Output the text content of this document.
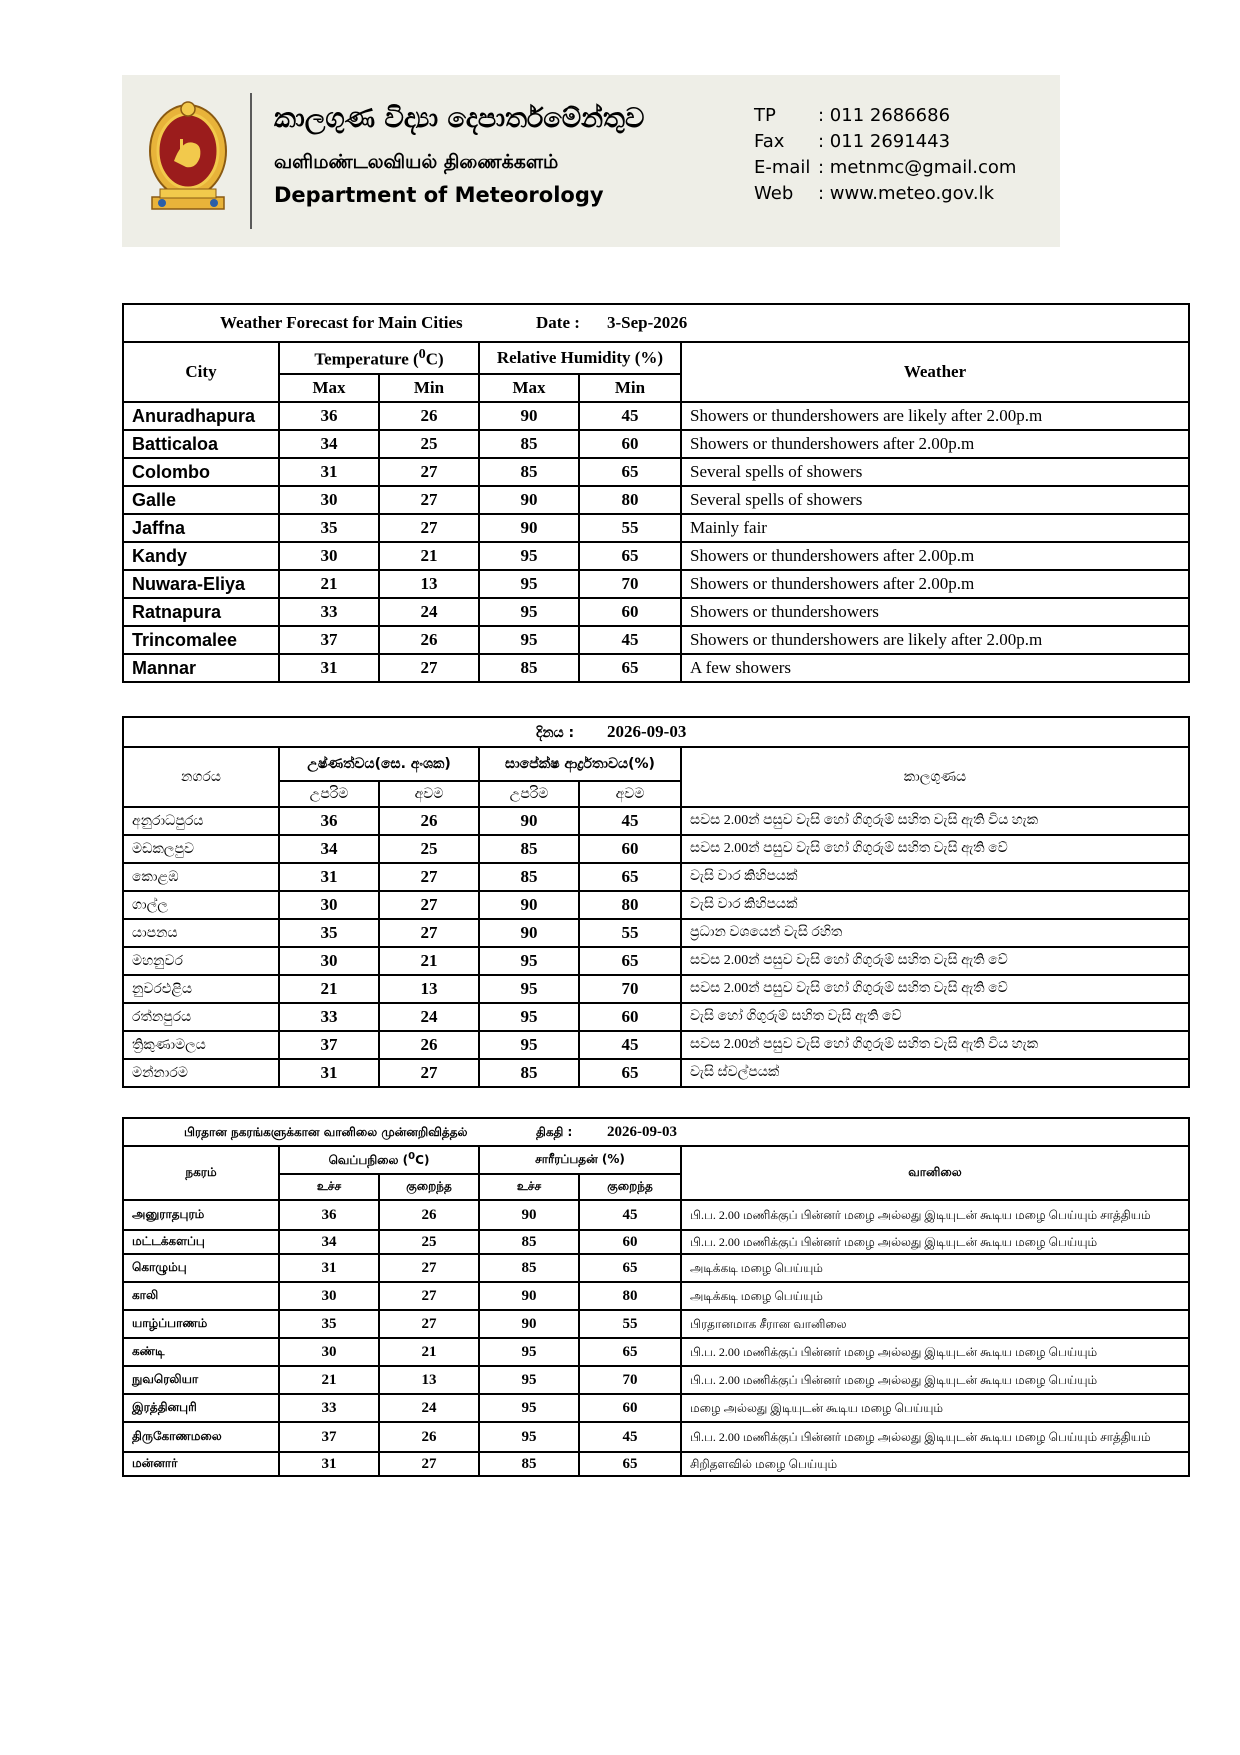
කාලගුණ විද්‍යා දෙපාර්තමේන්තුව
வளிமண்டலவியல் திணைக்களம்
Department of Meteorology
TP : 011 2686686
Fax : 011 2691443
E-mail : metnmc@gmail.com
Web : www.meteo.gov.lk
Weather Forecast for Main Cities Date : 3-Sep-2026					
City	Temperature ($^0$C)		Relative Humidity (%)		Weather
	Max	Min	Max	Min	
Anuradhapura	36	26	90	45	Showers or thundershowers are likely after 2.00p.m
Batticaloa	34	25	85	60	Showers or thundershowers after 2.00p.m
Colombo	31	27	85	65	Several spells of showers
Galle	30	27	90	80	Several spells of showers
Jaffna	35	27	90	55	Mainly fair
Kandy	30	21	95	65	Showers or thundershowers after 2.00p.m
Nuwara-Eliya	21	13	95	70	Showers or thundershowers after 2.00p.m
Ratnapura	33	24	95	60	Showers or thundershowers
Trincomalee	37	26	95	45	Showers or thundershowers are likely after 2.00p.m
Mannar	31	27	85	65	A few showers
දිනය : 2026-09-03					
නගරය	උෂ්ණත්වය(සෙ. අංශක)		සාපේක්ෂ ආර්ද්‍රතාවය(%)		කාලගුණය
	උපරිම	අවම	උපරිම	අවම	
අනුරාධපුරය	36	26	90	45	සවස 2.00න් පසුව වැසි හෝ ගිගුරුම් සහිත වැසි ඇති විය හැක
මඩකලපුව	34	25	85	60	සවස 2.00න් පසුව වැසි හෝ ගිගුරුම් සහිත වැසි ඇති වේ
කොළඹ	31	27	85	65	වැසි වාර කිහිපයක්
ගාල්ල	30	27	90	80	වැසි වාර කිහිපයක්
යාපනය	35	27	90	55	ප්‍රධාන වශයෙන් වැසි රහිත
මහනුවර	30	21	95	65	සවස 2.00න් පසුව වැසි හෝ ගිගුරුම් සහිත වැසි ඇති වේ
නුවරඑළිය	21	13	95	70	සවස 2.00න් පසුව වැසි හෝ ගිගුරුම් සහිත වැසි ඇති වේ
රත්නපුරය	33	24	95	60	වැසි හෝ ගිගුරුම් සහිත වැසි ඇති වේ
ත්‍රිකුණාමලය	37	26	95	45	සවස 2.00න් පසුව වැසි හෝ ගිගුරුම් සහිත වැසි ඇති විය හැක
මන්නාරම	31	27	85	65	වැසි ස්වල්පයක්
பிரதான நகரங்களுக்கான வானிலை முன்னறிவித்தல் திகதி : 2026-09-03					
நகரம்	வெப்பநிலை ($^0$C)		சாரீரப்பதன் (%)		வானிலை
	உச்ச	குறைந்த	உச்ச	குறைந்த	
அனுராதபுரம்	36	26	90	45	பி.ப. 2.00 மணிக்குப் பின்னர் மழை அல்லது இடியுடன் கூடிய மழை பெய்யும் சாத்தியம்
மட்டக்களப்பு	34	25	85	60	பி.ப. 2.00 மணிக்குப் பின்னர் மழை அல்லது இடியுடன் கூடிய மழை பெய்யும்
கொழும்பு	31	27	85	65	அடிக்கடி மழை பெய்யும்
காலி	30	27	90	80	அடிக்கடி மழை பெய்யும்
யாழ்ப்பாணம்	35	27	90	55	பிரதானமாக சீரான வானிலை
கண்டி	30	21	95	65	பி.ப. 2.00 மணிக்குப் பின்னர் மழை அல்லது இடியுடன் கூடிய மழை பெய்யும்
நுவரெலியா	21	13	95	70	பி.ப. 2.00 மணிக்குப் பின்னர் மழை அல்லது இடியுடன் கூடிய மழை பெய்யும்
இரத்தினபுரி	33	24	95	60	மழை அல்லது இடியுடன் கூடிய மழை பெய்யும்
திருகோணமலை	37	26	95	45	பி.ப. 2.00 மணிக்குப் பின்னர் மழை அல்லது இடியுடன் கூடிய மழை பெய்யும் சாத்தியம்
மன்னார்	31	27	85	65	சிறிதளவில் மழை பெய்யும்
